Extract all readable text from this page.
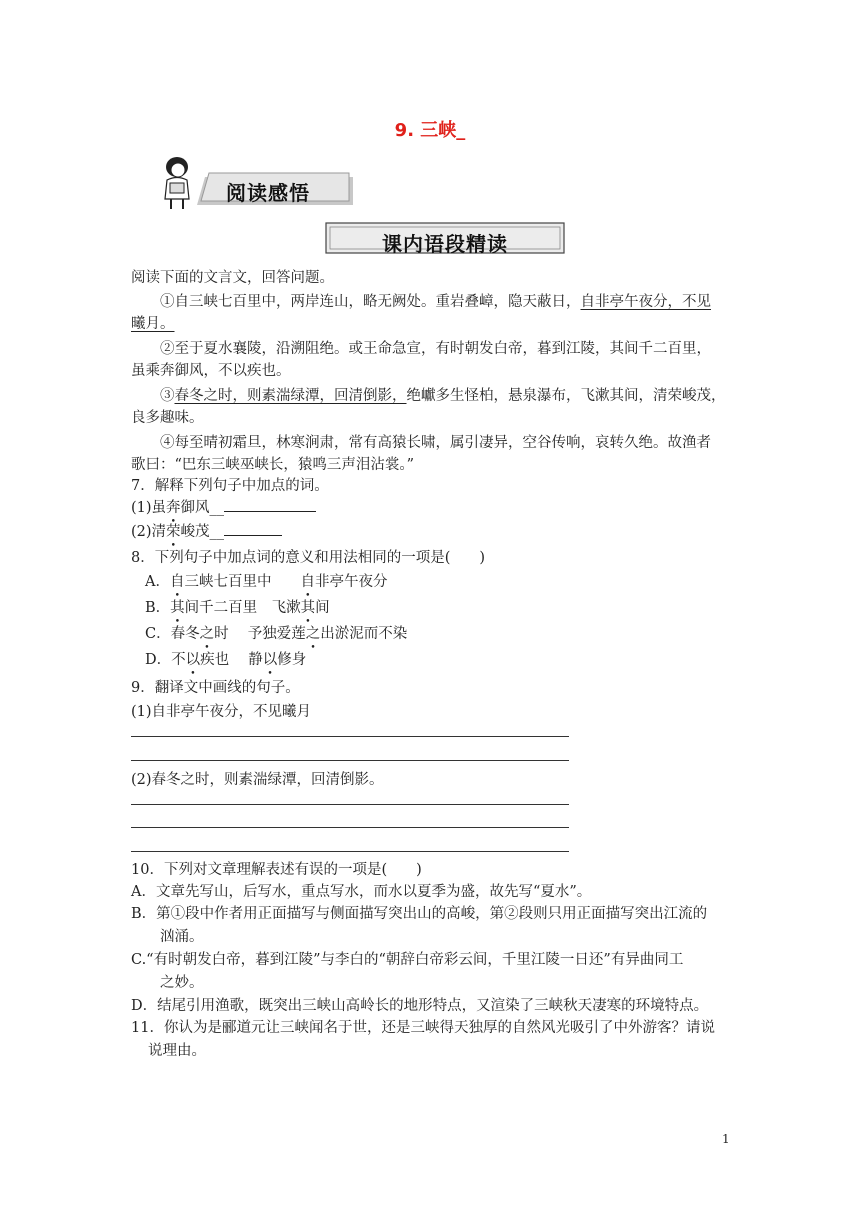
9. 三峡_
阅读感悟
课内语段精读
阅读下面的文言文，回答问题。
①自三峡七百里中，两岸连山，略无阙处。重岩叠嶂，隐天蔽日，自非亭午夜分，不见
曦月。
②至于夏水襄陵，沿溯阻绝。或王命急宣，有时朝发白帝，暮到江陵，其间千二百里，
虽乘奔御风，不以疾也。
③春冬之时，则素湍绿潭，回清倒影，绝巘多生怪柏，悬泉瀑布，飞漱其间，清荣峻茂，
良多趣味。
④每至晴初霜旦，林寒涧肃，常有高猿长啸，属引凄异，空谷传响，哀转久绝。故渔者
歌曰：“巴东三峡巫峡长，猿鸣三声泪沾裳。”
7．解释下列句子中加点的词。
(1)虽奔御风__
(2)清荣峻茂__
8．下列句子中加点词的意义和用法相同的一项是(　　)
A．自三峡七百里中　　自非亭午夜分
B．其间千二百里　飞漱其间
C．春冬之时　 予独爱莲之出淤泥而不染
D．不以疾也　 静以修身
9．翻译文中画线的句子。
(1)自非亭午夜分，不见曦月
(2)春冬之时，则素湍绿潭，回清倒影。
10．下列对文章理解表述有误的一项是(　　)
A．文章先写山，后写水，重点写水，而水以夏季为盛，故先写“夏水”。
B．第①段中作者用正面描写与侧面描写突出山的高峻，第②段则只用正面描写突出江流的
汹涌。
C.“有时朝发白帝，暮到江陵”与李白的“朝辞白帝彩云间，千里江陵一日还”有异曲同工
之妙。
D．结尾引用渔歌，既突出三峡山高岭长的地形特点，又渲染了三峡秋天凄寒的环境特点。
11．你认为是郦道元让三峡闻名于世，还是三峡得天独厚的自然风光吸引了中外游客？请说
说理由。
1
